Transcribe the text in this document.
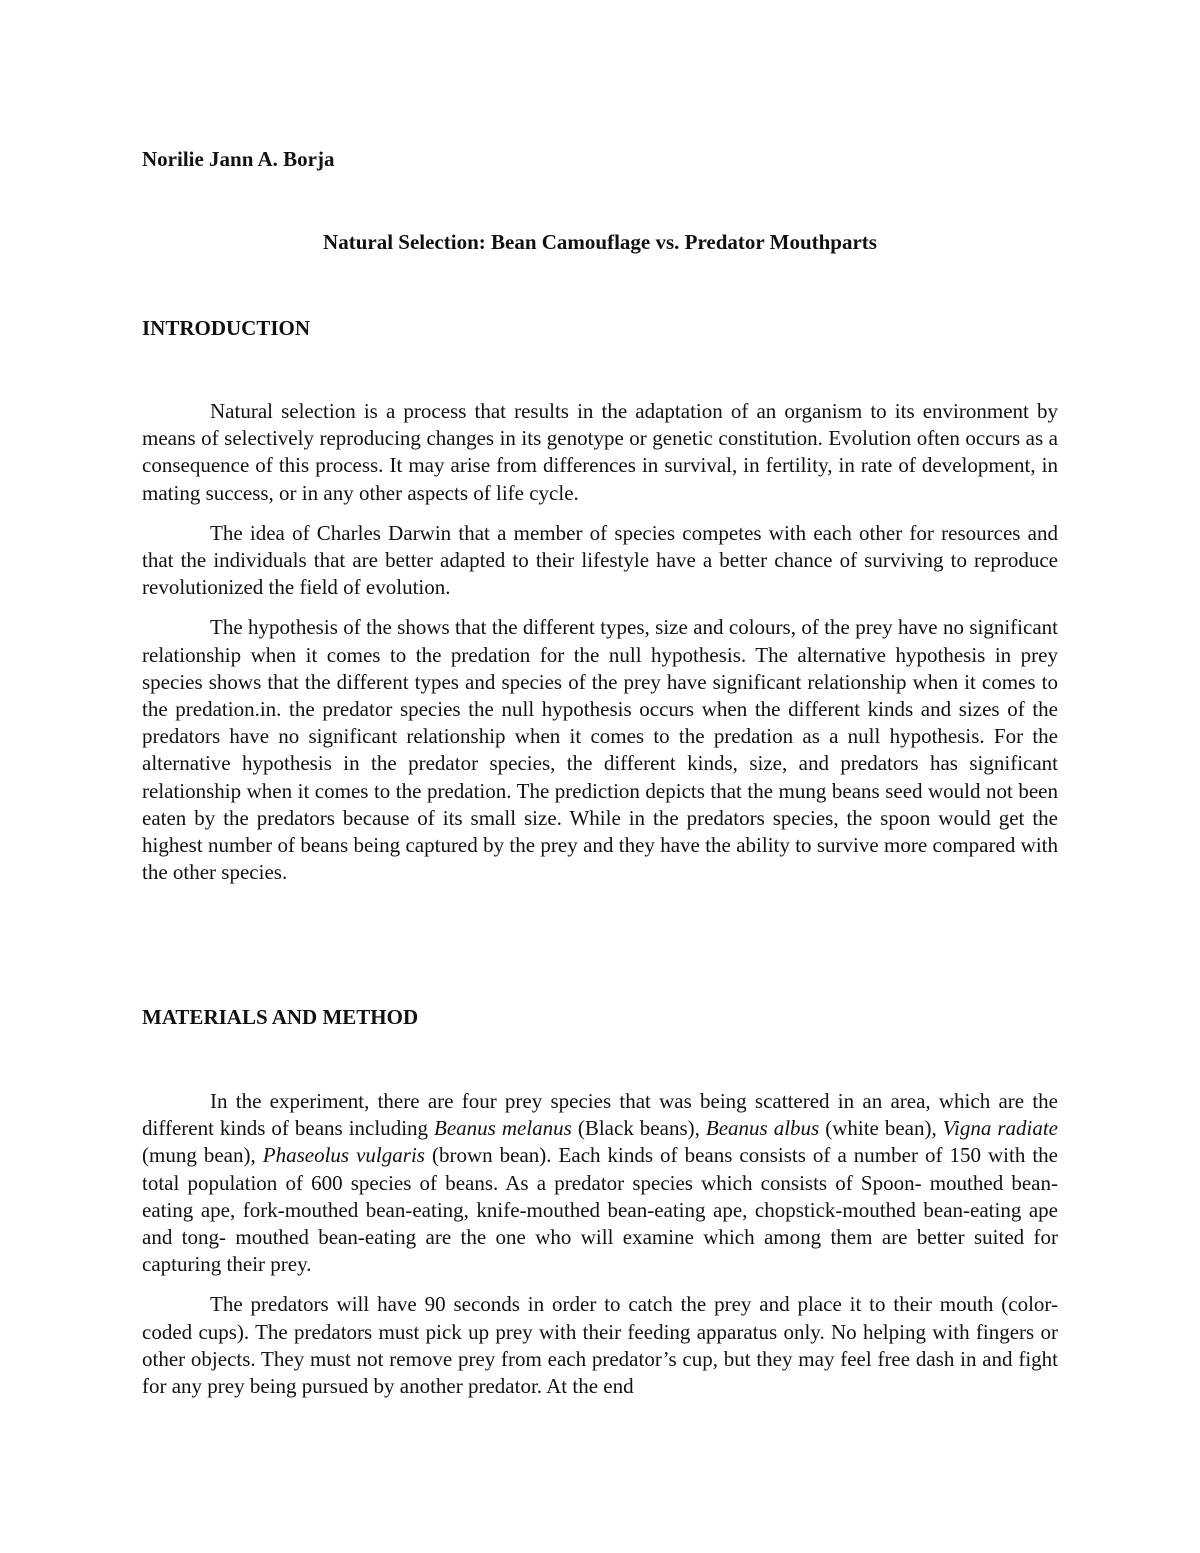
Norilie Jann A. Borja
Natural Selection: Bean Camouflage vs. Predator Mouthparts
INTRODUCTION

Natural selection is a process that results in the adaptation of an organism to its environment by means of selectively reproducing changes in its genotype or genetic constitution. Evolution often occurs as a consequence of this process. It may arise from differences in survival, in fertility, in rate of development, in mating success, or in any other aspects of life cycle.

The idea of Charles Darwin that a member of species competes with each other for resources and that the individuals that are better adapted to their lifestyle have a better chance of surviving to reproduce revolutionized the field of evolution.

The hypothesis of the shows that the different types, size and colours, of the prey have no significant relationship when it comes to the predation for the null hypothesis. The alternative hypothesis in prey species shows that the different types and species of the prey have significant relationship when it comes to the predation.in. the predator species the null hypothesis occurs when the different kinds and sizes of the predators have no significant relationship when it comes to the predation as a null hypothesis. For the alternative hypothesis in the predator species, the different kinds, size, and predators has significant relationship when it comes to the predation. The prediction depicts that the mung beans seed would not been eaten by the predators because of its small size. While in the predators species, the spoon would get the highest number of beans being captured by the prey and they have the ability to survive more compared with the other species.

MATERIALS AND METHOD

In the experiment, there are four prey species that was being scattered in an area, which are the different kinds of beans including Beanus melanus (Black beans), Beanus albus (white bean), Vigna radiate (mung bean), Phaseolus vulgaris (brown bean). Each kinds of beans consists of a number of 150 with the total population of 600 species of beans. As a predator species which consists of Spoon- mouthed bean-eating ape, fork-mouthed bean-eating, knife-mouthed bean-eating ape, chopstick-mouthed bean-eating ape and tong- mouthed bean-eating are the one who will examine which among them are better suited for capturing their prey.

The predators will have 90 seconds in order to catch the prey and place it to their mouth (color- coded cups). The predators must pick up prey with their feeding apparatus only. No helping with fingers or other objects. They must not remove prey from each predator’s cup, but they may feel free dash in and fight for any prey being pursued by another predator. At the end
